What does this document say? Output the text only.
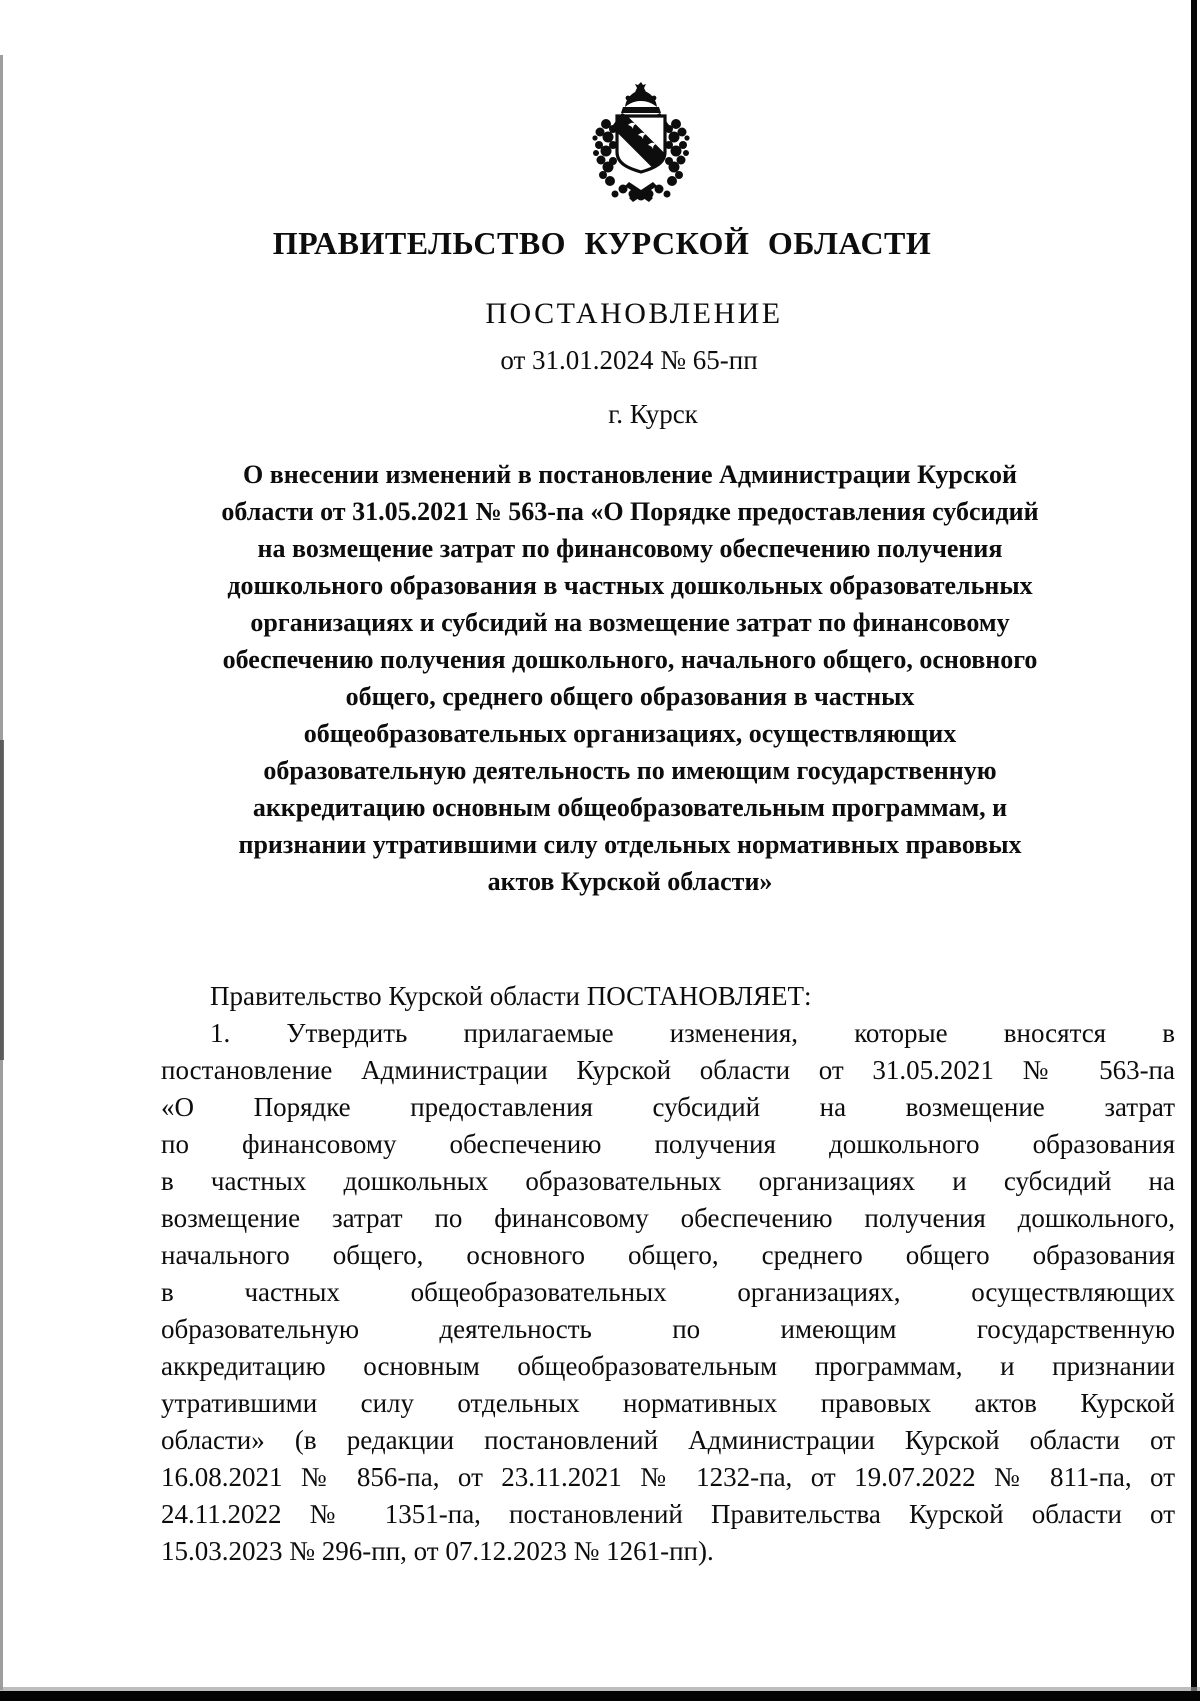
ПРАВИТЕЛЬСТВО КУРСКОЙ ОБЛАСТИ
ПОСТАНОВЛЕНИЕ
от 31.01.2024 № 65-пп
г. Курск
О внесении изменений в постановление Администрации Курской
области от 31.05.2021 № 563-па «О Порядке предоставления субсидий
на возмещение затрат по финансовому обеспечению получения
дошкольного образования в частных дошкольных образовательных
организациях и субсидий на возмещение затрат по финансовому
обеспечению получения дошкольного, начального общего, основного
общего, среднего общего образования в частных
общеобразовательных организациях, осуществляющих
образовательную деятельность по имеющим государственную
аккредитацию основным общеобразовательным программам, и
признании утратившими силу отдельных нормативных правовых
актов Курской области»
Правительство Курской области ПОСТАНОВЛЯЕТ:
1. Утвердить прилагаемые изменения, которые вносятся в
постановление Администрации Курской области от 31.05.2021 № 563-па
«О Порядке предоставления субсидий на возмещение затрат
по финансовому обеспечению получения дошкольного образования
в частных дошкольных образовательных организациях и субсидий на
возмещение затрат по финансовому обеспечению получения дошкольного,
начального общего, основного общего, среднего общего образования
в частных общеобразовательных организациях, осуществляющих
образовательную деятельность по имеющим государственную
аккредитацию основным общеобразовательным программам, и признании
утратившими силу отдельных нормативных правовых актов Курской
области» (в редакции постановлений Администрации Курской области от
16.08.2021 № 856-па, от 23.11.2021 № 1232-па, от 19.07.2022 № 811-па, от
24.11.2022 № 1351-па, постановлений Правительства Курской области от
15.03.2023 № 296-пп, от 07.12.2023 № 1261-пп).
